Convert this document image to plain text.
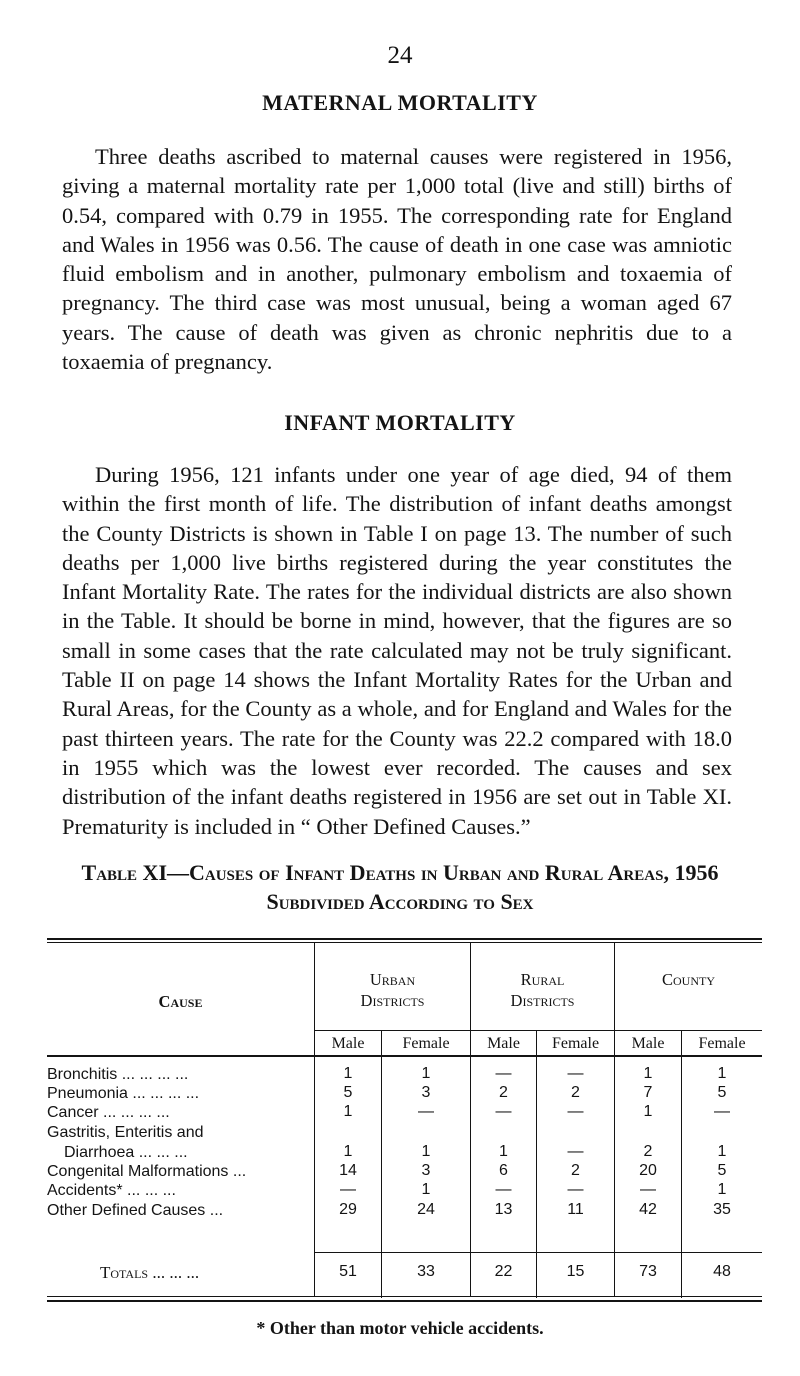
24
MATERNAL MORTALITY

Three deaths ascribed to maternal causes were registered in 1956, giving a maternal mortality rate per 1,000 total (live and still) births of 0.54, compared with 0.79 in 1955. The corresponding rate for England and Wales in 1956 was 0.56. The cause of death in one case was amniotic fluid embolism and in another, pulmonary embolism and toxaemia of pregnancy. The third case was most unusual, being a woman aged 67 years. The cause of death was given as chronic nephritis due to a toxaemia of pregnancy.

INFANT MORTALITY

During 1956, 121 infants under one year of age died, 94 of them within the first month of life. The distribution of infant deaths amongst the County Districts is shown in Table I on page 13. The number of such deaths per 1,000 live births registered during the year constitutes the Infant Mortality Rate. The rates for the individual districts are also shown in the Table. It should be borne in mind, however, that the figures are so small in some cases that the rate calculated may not be truly significant. Table II on page 14 shows the Infant Mortality Rates for the Urban and Rural Areas, for the County as a whole, and for England and Wales for the past thirteen years. The rate for the County was 22.2 compared with 18.0 in 1955 which was the lowest ever recorded. The causes and sex distribution of the infant deaths registered in 1956 are set out in Table XI. Prematurity is included in “ Other Defined Causes.”

Table XI—Causes of Infant Deaths in Urban and Rural Areas, 1956
Subdivided According to Sex
Cause
Urban
Districts
Rural
Districts
County
Male	Female	Male	Female	Male	Female
Bronchitis ... ... ... ...	1	1	—	—	1	1
Pneumonia ... ... ... ...	5	3	2	2	7	5
Cancer ... ... ... ...	1	—	—	—	1	—
Gastritis, Enteritis and
Diarrhoea ... ... ...	1	1	1	—	2	1
Congenital Malformations ...	14	3	6	2	20	5
Accidents* ... ... ...	—	1	—	—	—	1
Other Defined Causes ...	29	24	13	11	42	35
Totals ... ... ...	51	33	22	15	73	48
* Other than motor vehicle accidents.
